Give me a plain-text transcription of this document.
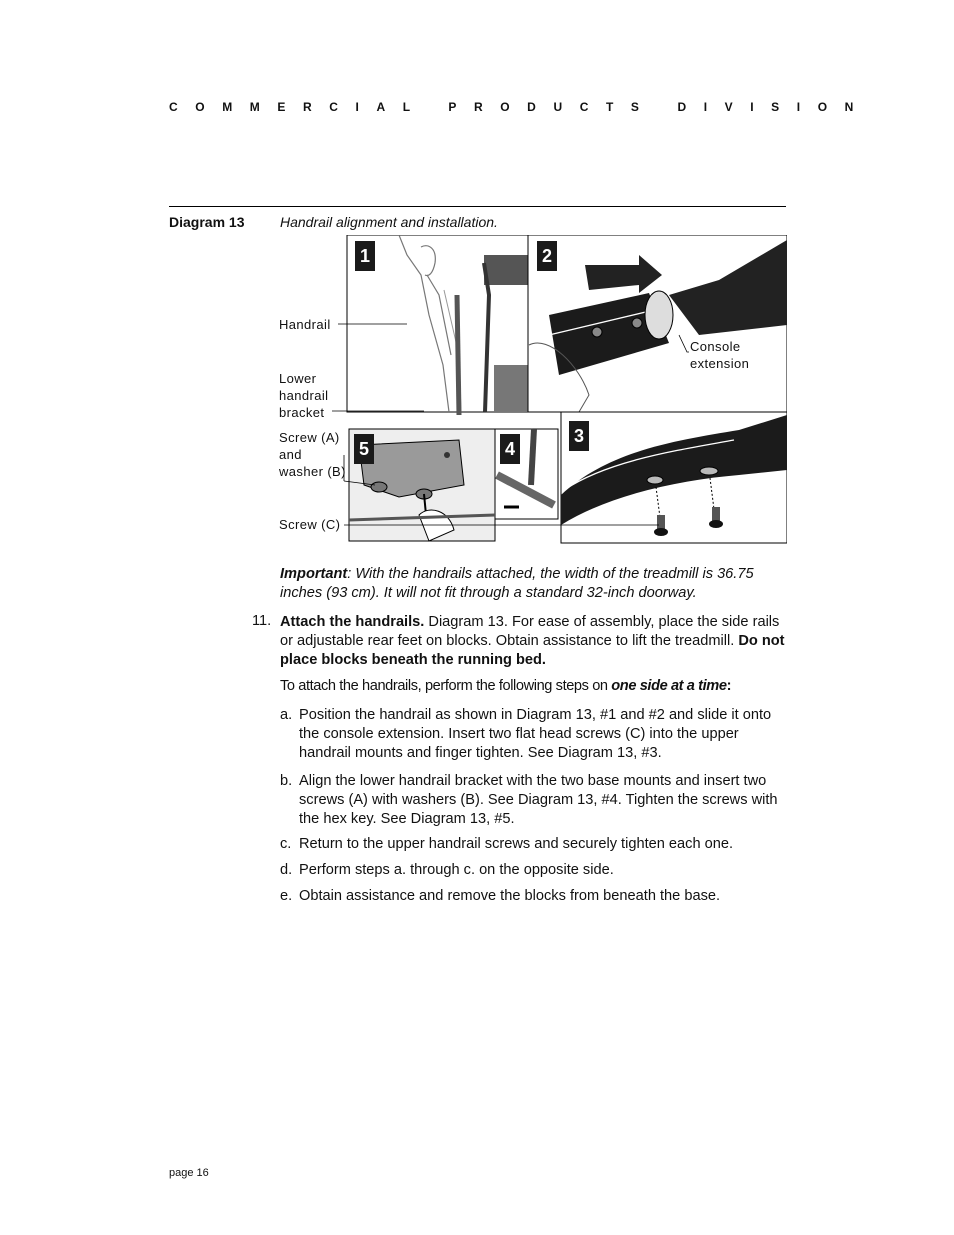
COMMERCIAL PRODUCTS DIVISION
Diagram 13	Handrail alignment and installation.
1	2
3
4
5
Handrail
Lower
handrail
bracket
Screw (A)
and
washer (B)
Screw (C)
Console
extension
Important: With the handrails attached, the width of the treadmill is 36.75 inches (93 cm). It will not fit through a standard 32-inch doorway.
11. Attach the handrails. Diagram 13. For ease of assembly, place the side rails or adjustable rear feet on blocks. Obtain assistance to lift the treadmill. Do not place blocks beneath the running bed.
To attach the handrails, perform the following steps on one side at a time:
a. Position the handrail as shown in Diagram 13, #1 and #2 and slide it onto the console extension. Insert two flat head screws (C) into the upper handrail mounts and finger tighten. See Diagram 13, #3.
b. Align the lower handrail bracket with the two base mounts and insert two screws (A) with washers (B). See Diagram 13, #4. Tighten the screws with the hex key. See Diagram 13, #5.
c. Return to the upper handrail screws and securely tighten each one.
d. Perform steps a. through c. on the opposite side.
e. Obtain assistance and remove the blocks from beneath the base.
page 16
